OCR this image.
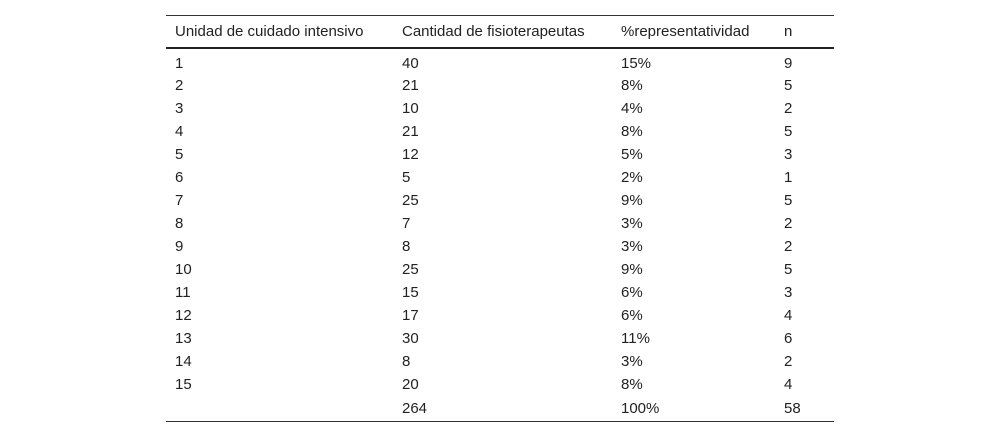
Unidad de cuidado intensivo	Cantidad de fisioterapeutas	%representatividad	n
1	40	15%	9
2	21	8%	5
3	10	4%	2
4	21	8%	5
5	12	5%	3
6	5	2%	1
7	25	9%	5
8	7	3%	2
9	8	3%	2
10	25	9%	5
11	15	6%	3
12	17	6%	4
13	30	11%	6
14	8	3%	2
15	20	8%	4
	264	100%	58
